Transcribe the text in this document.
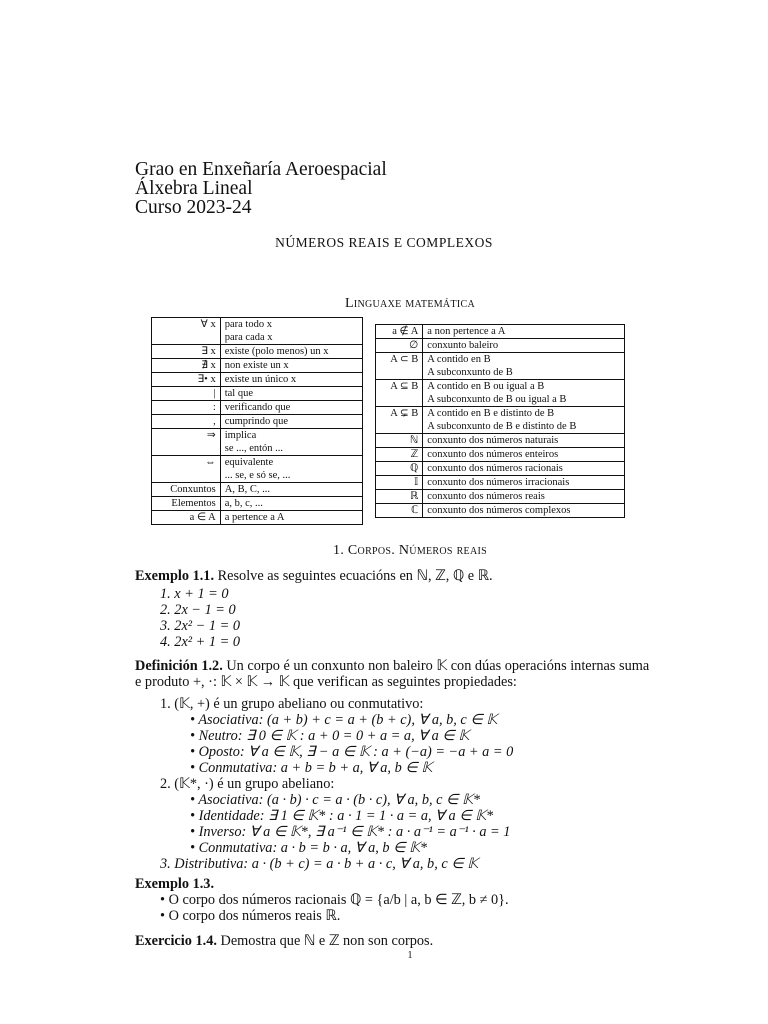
Grao en Enxeñaría Aeroespacial
Álxebra Lineal
Curso 2023-24
NÚMEROS REAIS E COMPLEXOS
Linguaxe matemática
∀ x	para todo x
para cada x

∃ x	existe (polo menos) un x

∄ x	non existe un x

∃• x	existe un único x

|	tal que

:	verificando que

,	cumprindo que

⇒	implica
se ..., entón ...

⇔	equivalente
... se, e só se, ...

Conxuntos	A, B, C, ...

Elementos	a, b, c, ...

a ∈ A	a pertence a A
a ∉ A	a non pertence a A

∅	conxunto baleiro

A ⊂ B	A contido en B
A subconxunto de B

A ⊆ B	A contido en B ou igual a B
A subconxunto de B ou igual a B

A ⊊ B	A contido en B e distinto de B
A subconxunto de B e distinto de B

ℕ	conxunto dos números naturais

ℤ	conxunto dos números enteiros

ℚ	conxunto dos números racionais

𝕀	conxunto dos números irracionais

ℝ	conxunto dos números reais

ℂ	conxunto dos números complexos
1. Corpos. Números reais
Exemplo 1.1. Resolve as seguintes ecuacións en ℕ, ℤ, ℚ e ℝ.
1. x + 1 = 0
2. 2x − 1 = 0
3. 2x² − 1 = 0
4. 2x² + 1 = 0
Definición 1.2. Un corpo é un conxunto non baleiro 𝕂 con dúas operacións internas suma
e produto +, ·: 𝕂 × 𝕂 → 𝕂 que verifican as seguintes propiedades:
1. (𝕂, +) é un grupo abeliano ou conmutativo:
• Asociativa: (a + b) + c = a + (b + c), ∀ a, b, c ∈ 𝕂
• Neutro: ∃ 0 ∈ 𝕂 : a + 0 = 0 + a = a, ∀ a ∈ 𝕂
• Oposto: ∀ a ∈ 𝕂, ∃ − a ∈ 𝕂 : a + (−a) = −a + a = 0
• Conmutativa: a + b = b + a, ∀ a, b ∈ 𝕂
2. (𝕂*, ·) é un grupo abeliano:
• Asociativa: (a · b) · c = a · (b · c), ∀ a, b, c ∈ 𝕂*
• Identidade: ∃ 1 ∈ 𝕂* : a · 1 = 1 · a = a, ∀ a ∈ 𝕂*
• Inverso: ∀ a ∈ 𝕂*, ∃ a⁻¹ ∈ 𝕂* : a · a⁻¹ = a⁻¹ · a = 1
• Conmutativa: a · b = b · a, ∀ a, b ∈ 𝕂*
3. Distributiva: a · (b + c) = a · b + a · c, ∀ a, b, c ∈ 𝕂
Exemplo 1.3.
• O corpo dos números racionais ℚ = {a/b | a, b ∈ ℤ, b ≠ 0}.
• O corpo dos números reais ℝ.
Exercicio 1.4. Demostra que ℕ e ℤ non son corpos.
1
